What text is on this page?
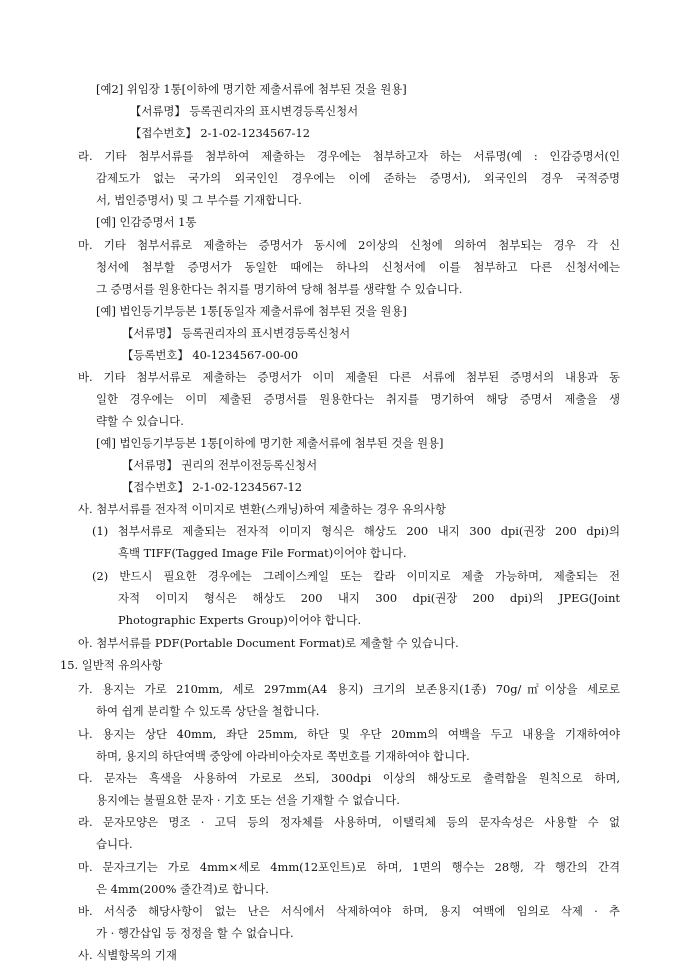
[예2] 위임장 1통[이하에 명기한 제출서류에 첨부된 것을 원용]
【서류명】 등록권리자의 표시변경등록신청서
【접수번호】 2-1-02-1234567-12
라. 기타 첨부서류를 첨부하여 제출하는 경우에는 첨부하고자 하는 서류명(예 : 인감증명서(인
감제도가 없는 국가의 외국인인 경우에는 이에 준하는 증명서), 외국인의 경우 국적증명
서, 법인증명서) 및 그 부수를 기재합니다.
[예] 인감증명서 1통
마. 기타 첨부서류로 제출하는 증명서가 동시에 2이상의 신청에 의하여 첨부되는 경우 각 신
청서에 첨부할 증명서가 동일한 때에는 하나의 신청서에 이를 첨부하고 다른 신청서에는
그 증명서를 원용한다는 취지를 명기하여 당해 첨부를 생략할 수 있습니다.
[예] 법인등기부등본 1통[동일자 제출서류에 첨부된 것을 원용]
【서류명】 등록권리자의 표시변경등록신청서
【등록번호】 40-1234567-00-00
바. 기타 첨부서류로 제출하는 증명서가 이미 제출된 다른 서류에 첨부된 증명서의 내용과 동
일한 경우에는 이미 제출된 증명서를 원용한다는 취지를 명기하여 해당 증명서 제출을 생
략할 수 있습니다.
[예] 법인등기부등본 1통[이하에 명기한 제출서류에 첨부된 것을 원용]
【서류명】 권리의 전부이전등록신청서
【접수번호】 2-1-02-1234567-12
사. 첨부서류를 전자적 이미지로 변환(스캐닝)하여 제출하는 경우 유의사항
(1) 첨부서류로 제출되는 전자적 이미지 형식은 해상도 200 내지 300 dpi(권장 200 dpi)의
흑백 TIFF(Tagged Image File Format)이어야 합니다.
(2) 반드시 필요한 경우에는 그레이스케일 또는 칼라 이미지로 제출 가능하며, 제출되는 전
자적 이미지 형식은 해상도 200 내지 300 dpi(권장 200 dpi)의 JPEG(Joint
Photographic Experts Group)이어야 합니다.
아. 첨부서류를 PDF(Portable Document Format)로 제출할 수 있습니다.
15. 일반적 유의사항
가. 용지는 가로 210mm, 세로 297mm(A4 용지) 크기의 보존용지(1종) 70g/㎡이상을 세로로
하여 쉽게 분리할 수 있도록 상단을 철합니다.
나. 용지는 상단 40mm, 좌단 25mm, 하단 및 우단 20mm의 여백을 두고 내용을 기재하여야
하며, 용지의 하단여백 중앙에 아라비아숫자로 쪽번호를 기재하여야 합니다.
다. 문자는 흑색을 사용하여 가로로 쓰되, 300dpi 이상의 해상도로 출력함을 원칙으로 하며,
용지에는 불필요한 문자 · 기호 또는 선을 기재할 수 없습니다.
라. 문자모양은 명조 · 고딕 등의 정자체를 사용하며, 이탤릭체 등의 문자속성은 사용할 수 없
습니다.
마. 문자크기는 가로 4mm×세로 4mm(12포인트)로 하며, 1면의 행수는 28행, 각 행간의 간격
은 4mm(200% 줄간격)로 합니다.
바. 서식중 해당사항이 없는 난은 서식에서 삭제하여야 하며, 용지 여백에 임의로 삭제 · 추
가 · 행간삽입 등 정정을 할 수 없습니다.
사. 식별항목의 기재
